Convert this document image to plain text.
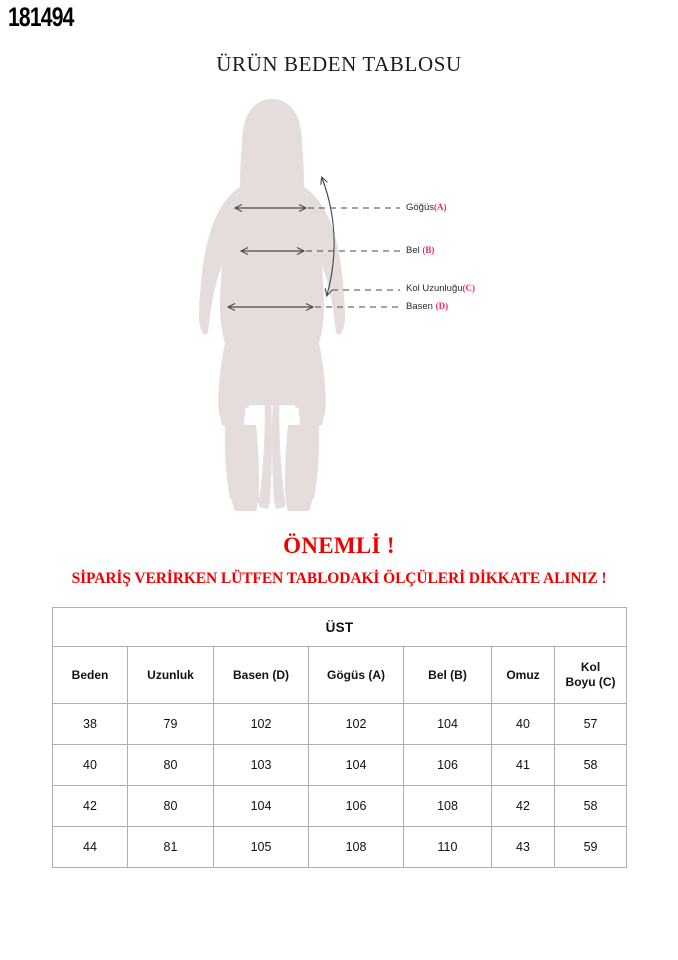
181494
ÜRÜN BEDEN TABLOSU
Göğüs(A)
Bel (B)
Kol Uzunluğu(C)
Basen (D)
ÖNEMLİ !
SİPARİŞ VERİRKEN LÜTFEN TABLODAKİ ÖLÇÜLERİ DİKKATE ALINIZ !
ÜST						
Beden	Uzunluk	Basen (D)	Gögüs (A)	Bel (B)	Omuz	Kol
Boyu (C)
38	79	102	102	104	40	57
40	80	103	104	106	41	58
42	80	104	106	108	42	58
44	81	105	108	110	43	59
